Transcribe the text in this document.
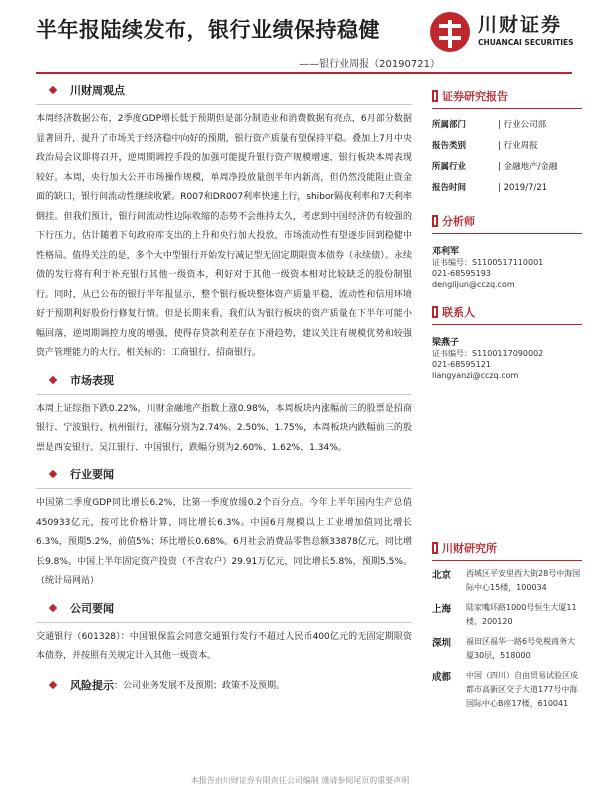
半年报陆续发布，银行业绩保持稳健
——银行业周报（20190721）
川财证券
CHUANCAI SECURITIES
川财周观点

本周经济数据公布，2季度GDP增长低于预期但是部分制造业和消费数据有亮点，6月部分数据显著回升，提升了市场关于经济稳中向好的预期，银行资产质量有望保持平稳。叠加上7月中央政治局会议即将召开，逆周期调控手段的加强可能提升银行资产规模增速，银行板块本周表现较好。本周，央行加大公开市场操作规模，单周净投放量创半年内新高，但仍然没能阻止资金面的缺口，银行间流动性继续收紧。R007和DR007利率快速上行，shibor隔夜利率和7天利率倒挂。但我们预计，银行间流动性边际收缩的态势不会维持太久，考虑到中国经济仍有较强的下行压力，估计随着下旬政府库支出的上升和央行加大投放，市场流动性有望逐步回到稳健中性格局。值得关注的是，多个大中型银行开始发行减记型无固定期限资本债券（永续债）。永续债的发行将有利于补充银行其他一级资本，利好对于其他一级资本相对比较缺乏的股份制银行。同时，从已公布的银行半年报显示，整个银行板块整体资产质量平稳，流动性和信用环境好于预期利好股份行修复行情。但是长期来看，我们认为银行板块的资产质量在下半年可能小幅回落，逆周期调控力度的增强，使得存贷款利差存在下滑趋势，建议关注有规模优势和较强资产管理能力的大行。相关标的：工商银行、招商银行。

市场表现

本周上证综指下跌0.22%，川财金融地产指数上涨0.98%，本周板块内涨幅前三的股票是招商银行、宁波银行、杭州银行，涨幅分别为2.74%、2.50%、1.75%，本周板块内跌幅前三的股票是西安银行、吴江银行、中国银行，跌幅分别为2.60%、1.62%、1.34%。

行业要闻

中国第二季度GDP同比增长6.2%，比第一季度放缓0.2个百分点。今年上半年国内生产总值450933亿元，按可比价格计算，同比增长6.3%。中国6月规模以上工业增加值同比增长6.3%，预期5.2%，前值5%；环比增长0.68%。6月社会消费品零售总额33878亿元，同比增长9.8%。中国上半年固定资产投资（不含农户）29.91万亿元，同比增长5.8%，预期5.5%。（统计局网站）

公司要闻

交通银行（601328）：中国银保监会同意交通银行发行不超过人民币400亿元的无固定期限资本债券，并按照有关规定计入其他一级资本。

风险提示 ：公司业务发展不及预期；政策不及预期。
证券研究报告
所属部门	| 行业公司部
报告类别	| 行业周报
所属行业	| 金融地产/金融
报告时间	| 2019/7/21
分析师
邓利军
证书编号：S1100517110001
021-68595193
denglijun@cczq.com
联系人
梁燕子
证书编号：S1100117090002
021-68595121
liangyanzi@cczq.com
川财研究所
北京	西城区平安里西大街28号中海国际中心15楼，100034
上海	陆家嘴环路1000号恒生大厦11楼，200120
深圳	福田区福华一路6号免税商务大厦30层，518000
成都	中国（四川）自由贸易试验区成都市高新区交子大道177号中海国际中心B座17楼，610041
本报告由川财证券有限责任公司编制 谨请参阅尾页的重要声明
